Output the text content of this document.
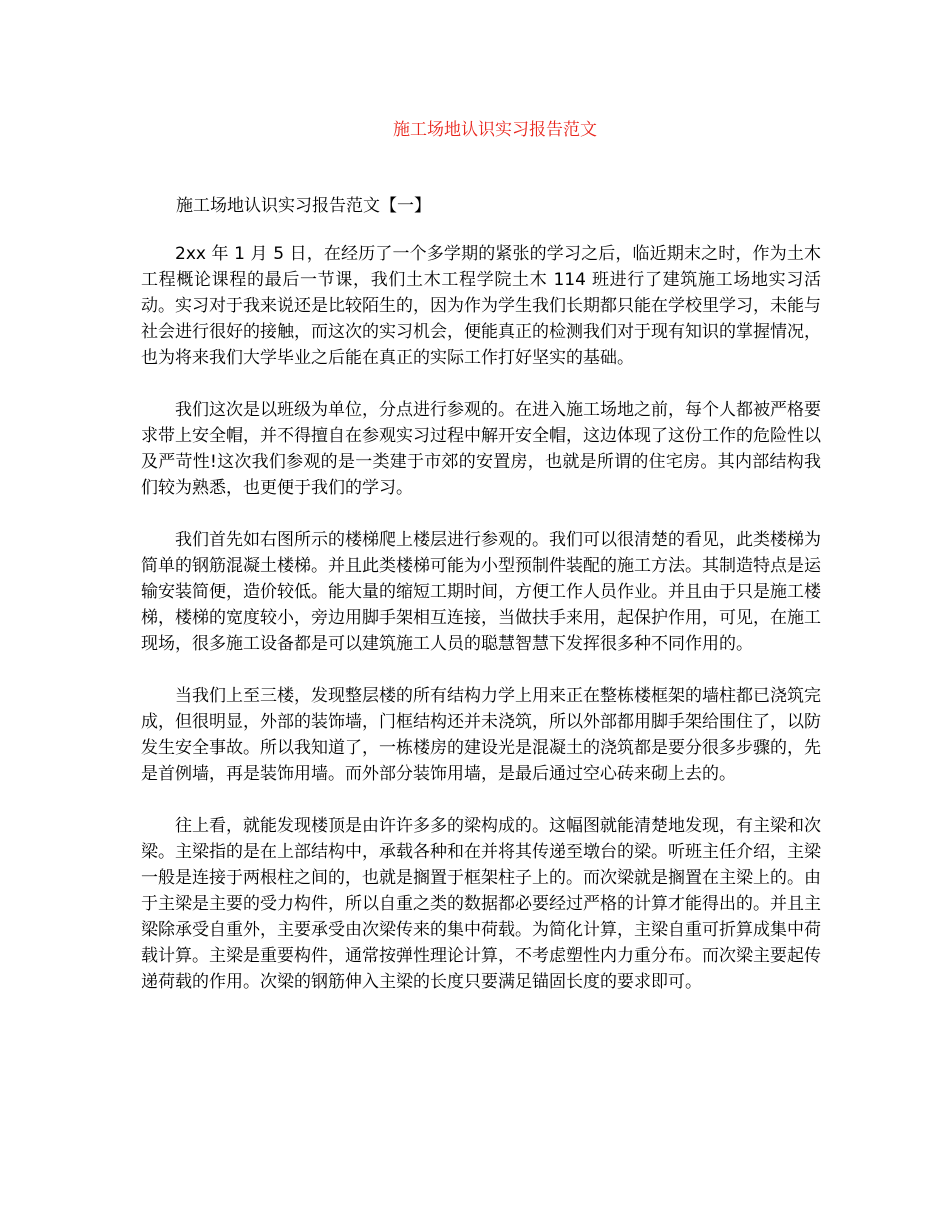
施工场地认识实习报告范文
施工场地认识实习报告范文【一】

2xx 年 1 月 5 日，在经历了一个多学期的紧张的学习之后，临近期末之时，作为土木工程概论课程的最后一节课，我们土木工程学院土木 114 班进行了建筑施工场地实习活动。实习对于我来说还是比较陌生的，因为作为学生我们长期都只能在学校里学习，未能与社会进行很好的接触，而这次的实习机会，便能真正的检测我们对于现有知识的掌握情况，也为将来我们大学毕业之后能在真正的实际工作打好坚实的基础。

我们这次是以班级为单位，分点进行参观的。在进入施工场地之前，每个人都被严格要求带上安全帽，并不得擅自在参观实习过程中解开安全帽，这边体现了这份工作的危险性以及严苛性!这次我们参观的是一类建于市郊的安置房，也就是所谓的住宅房。其内部结构我们较为熟悉，也更便于我们的学习。

我们首先如右图所示的楼梯爬上楼层进行参观的。我们可以很清楚的看见，此类楼梯为简单的钢筋混凝土楼梯。并且此类楼梯可能为小型预制件装配的施工方法。其制造特点是运输安装简便，造价较低。能大量的缩短工期时间，方便工作人员作业。并且由于只是施工楼梯，楼梯的宽度较小，旁边用脚手架相互连接，当做扶手来用，起保护作用，可见，在施工现场，很多施工设备都是可以建筑施工人员的聪慧智慧下发挥很多种不同作用的。

当我们上至三楼，发现整层楼的所有结构力学上用来正在整栋楼框架的墙柱都已浇筑完成，但很明显，外部的装饰墙，门框结构还并未浇筑，所以外部都用脚手架给围住了，以防发生安全事故。所以我知道了，一栋楼房的建设光是混凝土的浇筑都是要分很多步骤的，先是首例墙，再是装饰用墙。而外部分装饰用墙，是最后通过空心砖来砌上去的。

往上看，就能发现楼顶是由许许多多的梁构成的。这幅图就能清楚地发现，有主梁和次梁。主梁指的是在上部结构中，承载各种和在并将其传递至墩台的梁。听班主任介绍，主梁一般是连接于两根柱之间的，也就是搁置于框架柱子上的。而次梁就是搁置在主梁上的。由于主梁是主要的受力构件，所以自重之类的数据都必要经过严格的计算才能得出的。并且主梁除承受自重外，主要承受由次梁传来的集中荷载。为简化计算，主梁自重可折算成集中荷载计算。主梁是重要构件，通常按弹性理论计算，不考虑塑性内力重分布。而次梁主要起传递荷载的作用。次梁的钢筋伸入主梁的长度只要满足锚固长度的要求即可。
